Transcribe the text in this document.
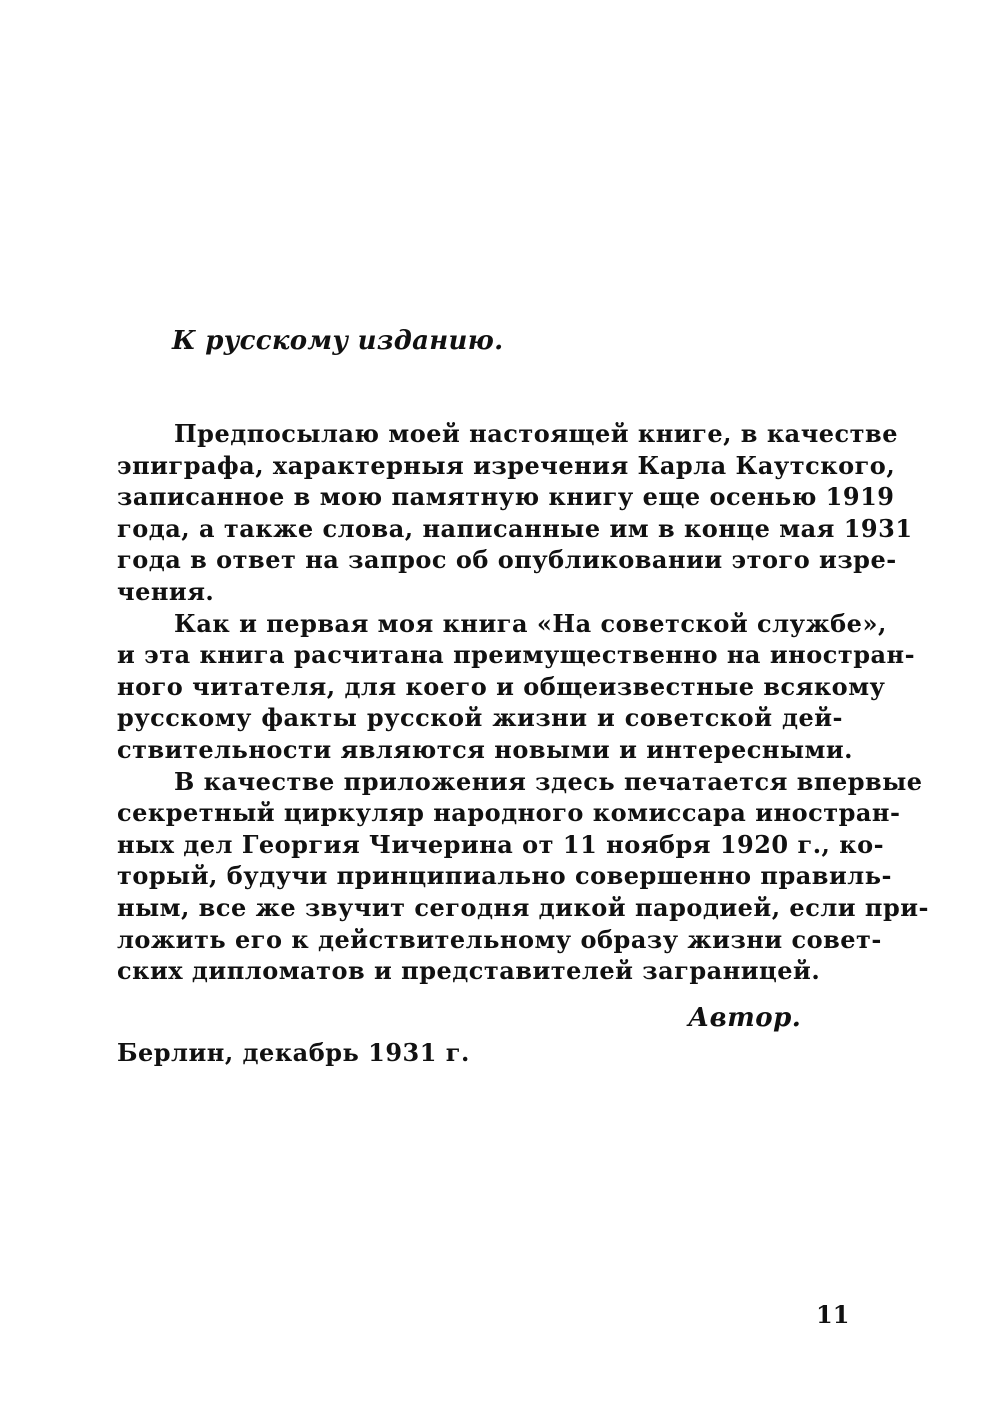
К русскому изданию.
Предпосылаю моей настоящей книге, в качестве
эпиграфа, характерныя изречения Карла Каутского,
записанное в мою памятную книгу еще осенью 1919
года, а также слова, написанные им в конце мая 1931
года в ответ на запрос об опубликовании этого изре-
чения.
Как и первая моя книга «На советской службе»,
и эта книга расчитана преимущественно на иностран-
ного читателя, для коего и общеизвестные всякому
русскому факты русской жизни и советской дей-
ствительности являются новыми и интересными.
В качестве приложения здесь печатается впервые
секретный циркуляр народного комиссара иностран-
ных дел Георгия Чичерина от 11 ноября 1920 г., ко-
торый, будучи принципиально совершенно правиль-
ным, все же звучит сегодня дикой пародией, если при-
ложить его к действительному образу жизни совет-
ских дипломатов и представителей заграницей.
Автор.
Берлин, декабрь 1931 г.
11
